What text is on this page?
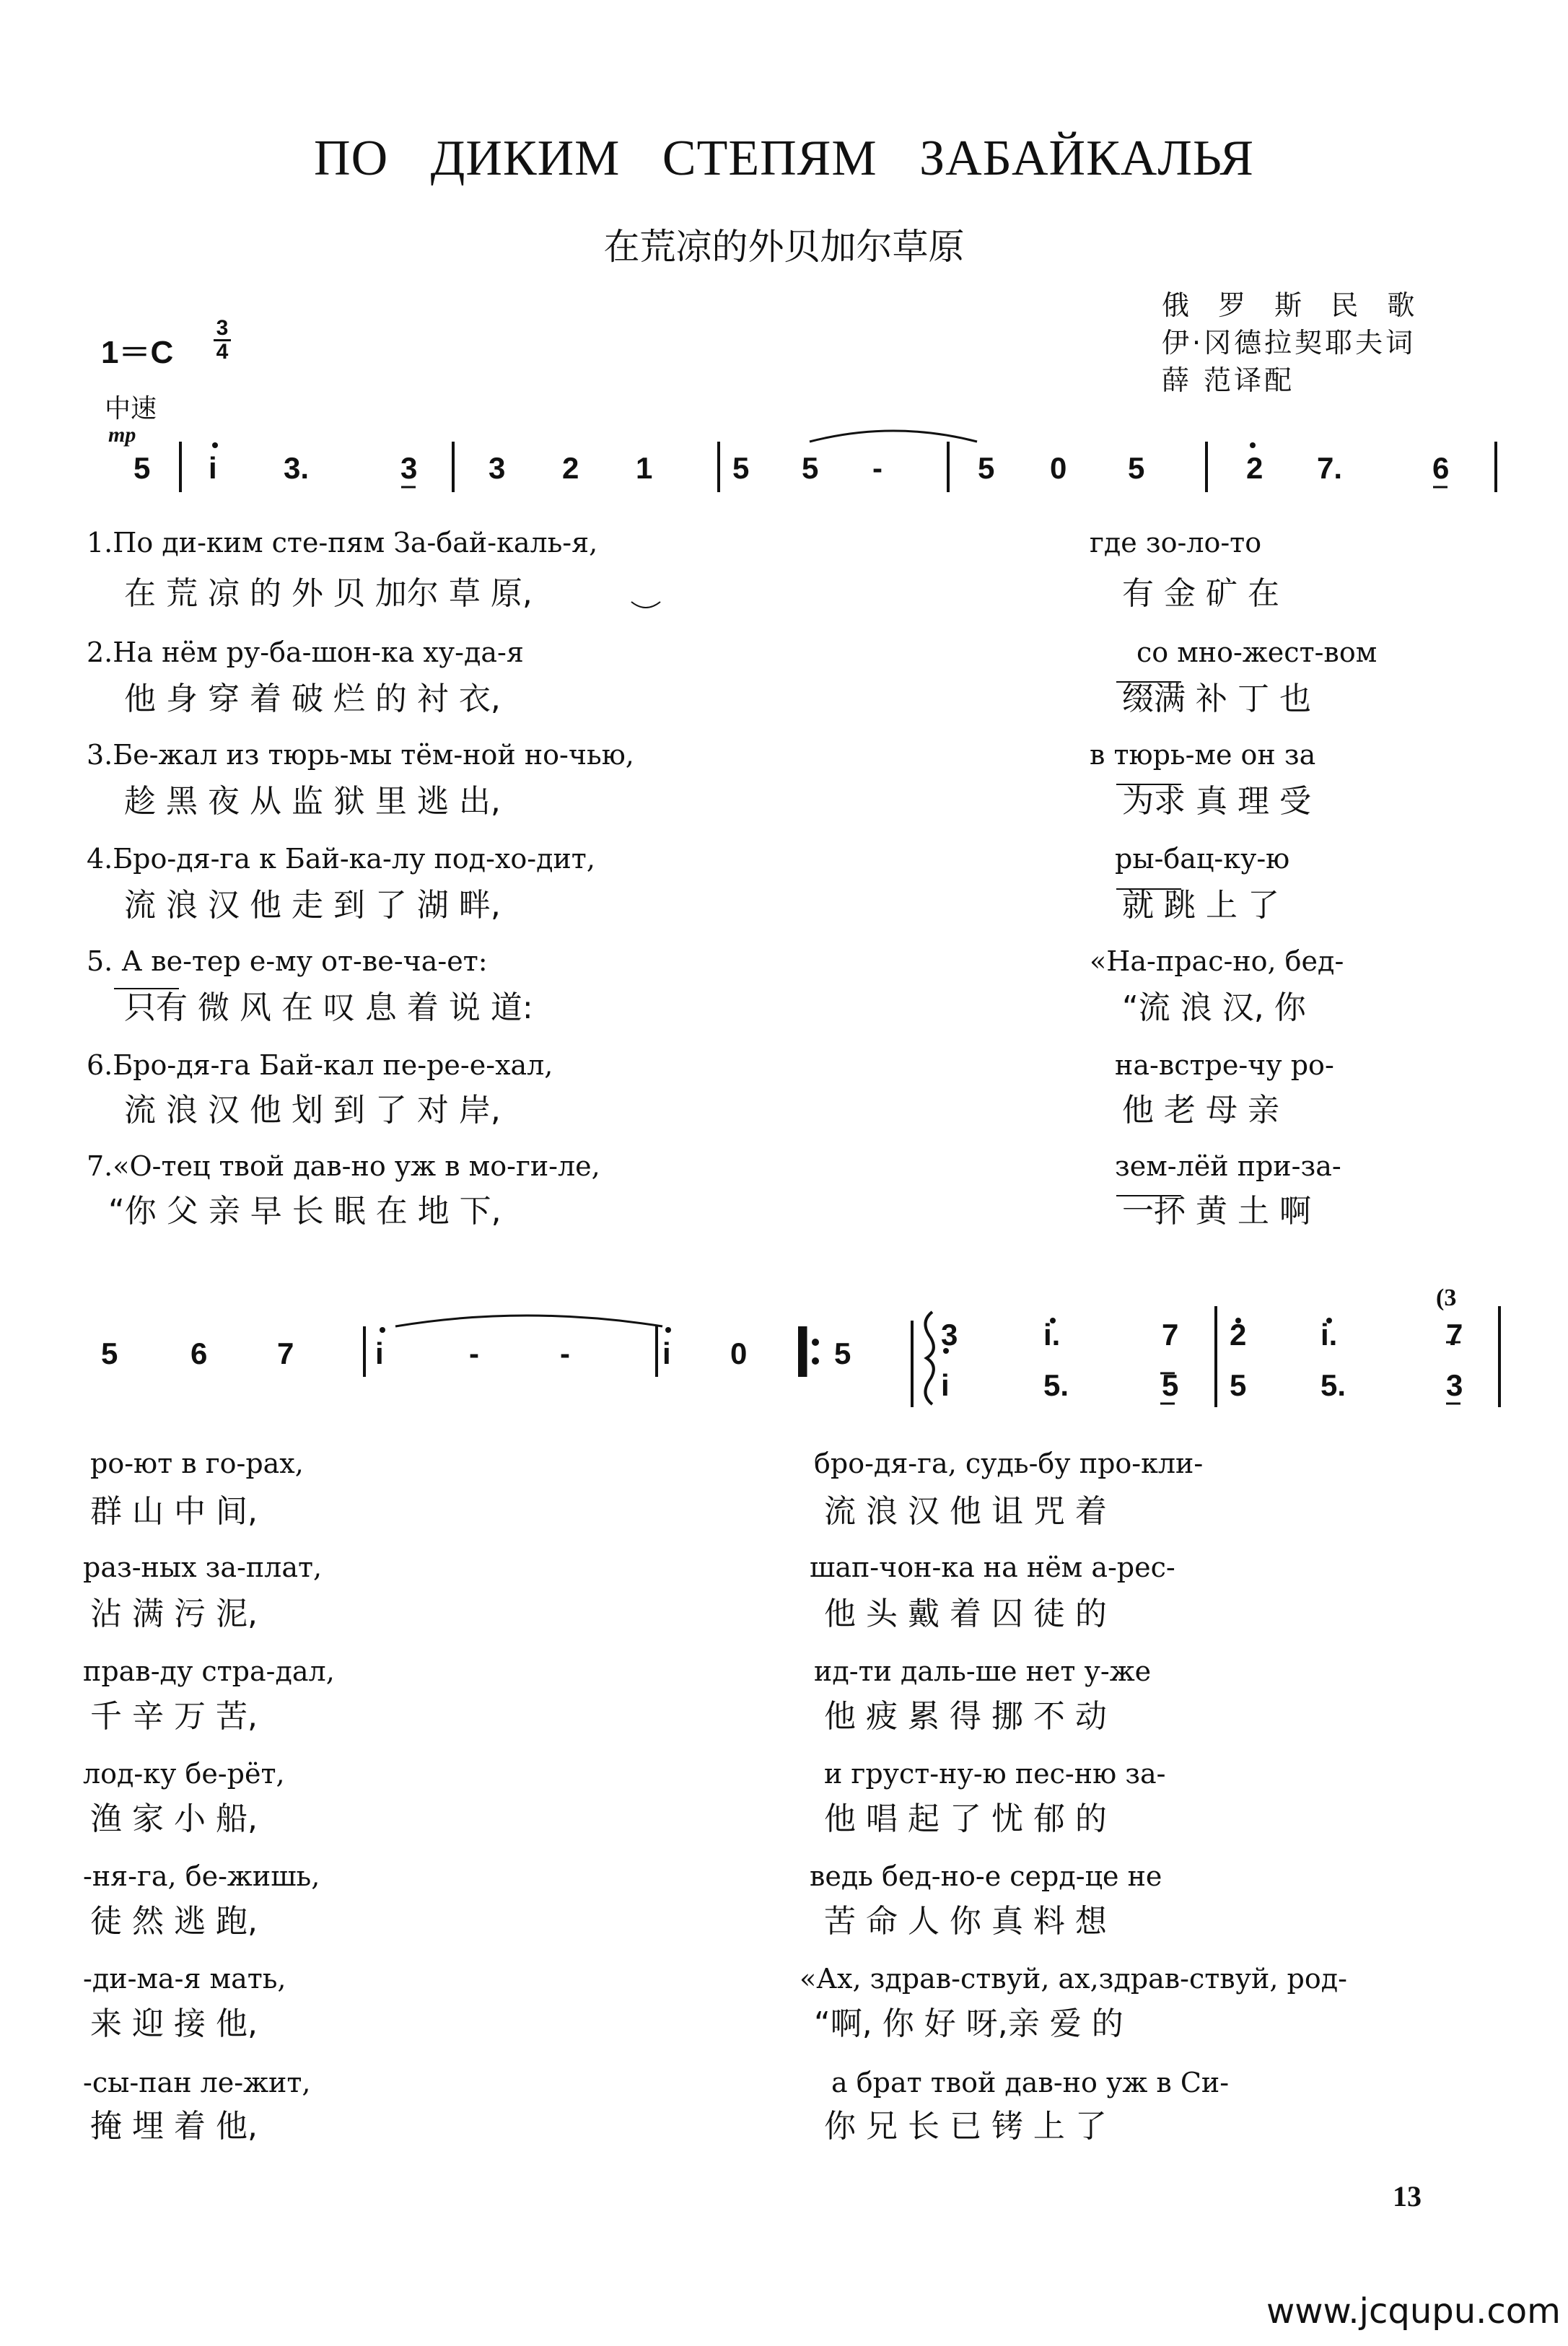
ПО ДИКИМ СТЕПЯМ ЗАБАЙКАЛЬЯ
在荒凉的外贝加尔草原
俄 罗 斯 民 歌
伊·冈德拉契耶夫词
薛 范译配
1＝C
3
4
中速
mp
5 i 3.	3 3 2 1	5 5 -	5 0 5	2 7.	6
1.По ди-ким сте-пям За-бай-каль-я,	где зо-ло-то
在 荒 凉 的 外 贝 加尔 草 原,	有 金 矿 在
2.На нём ру-ба-шон-ка ху-да-я	со мно-жест-вом
他 身 穿 着 破 烂 的 衬 衣,	缀满 补 丁 也
3.Бе-жал из тюрь-мы тём-ной но-чью,	в тюрь-ме он за
趁 黑 夜 从 监 狱 里 逃 出,	为求 真 理 受
4.Бро-дя-га к Бай-ка-лу под-хо-дит,	ры-бац-ку-ю
流 浪 汉 他 走 到 了 湖 畔,	就 跳 上 了
5. А ве-тер е-му от-ве-ча-ет:	«На-прас-но, бед-
只有 微 风 在 叹 息 着 说 道:	“流 浪 汉, 你
6.Бро-дя-га Бай-кал пе-ре-е-хал,	на-встре-чу ро-
流 浪 汉 他 划 到 了 对 岸,	他 老 母 亲
7.«О-тец твой дав-но уж в мо-ги-ле,	зем-лёй при-за-
“你 父 亲 早 长 眠 在 地 下,	一抔 黄 土 啊
5 6 7	i	-	-	i 0	5
(3
3	i.	7 2 i.	7
i	5.	5 5 5.	3
ро-ют в го-рах,	бро-дя-га, судь-бу про-кли-
群 山 中 间,	流 浪 汉 他 诅 咒 着
раз-ных за-плат,	шап-чон-ка на нём а-рес-
沾 满 污 泥,	他 头 戴 着 囚 徒 的
прав-ду стра-дал,	ид-ти даль-ше нет у-же
千 辛 万 苦,	他 疲 累 得 挪 不 动
лод-ку бе-рёт,	и груст-ну-ю пес-ню за-
渔 家 小 船,	他 唱 起 了 忧 郁 的
-ня-га, бе-жишь,	ведь бед-но-е серд-це не
徒 然 逃 跑,	苦 命 人 你 真 料 想
-ди-ма-я мать,	«Ах, здрав-ствуй, ах,здрав-ствуй, род-
来 迎 接 他,	“啊, 你 好 呀,亲 爱 的
-сы-пан ле-жит,	а брат твой дав-но уж в Си-
掩 埋 着 他,	你 兄 长 已 铐 上 了
13
www.jcqupu.com
